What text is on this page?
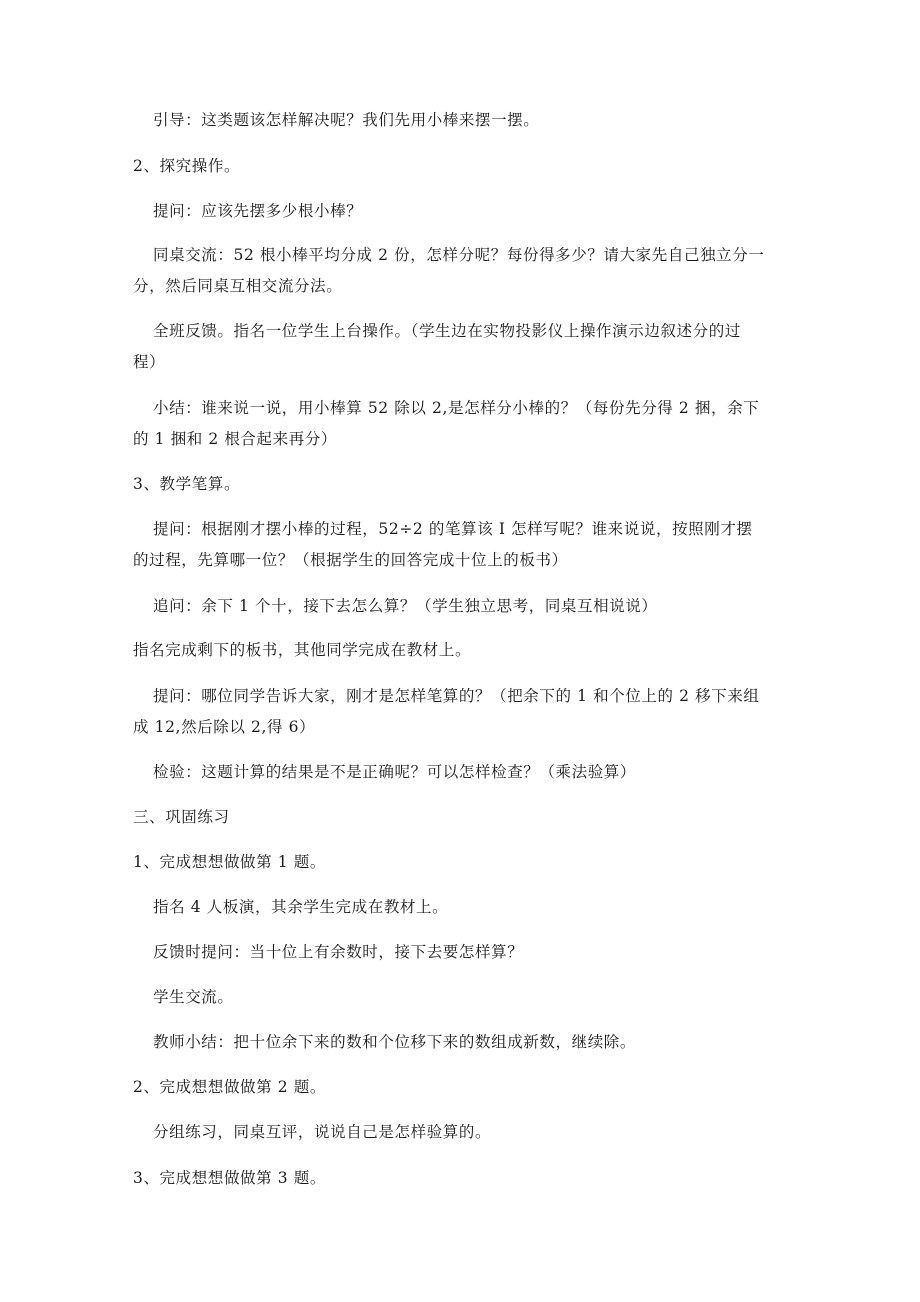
引导：这类题该怎样解决呢？我们先用小棒来摆一摆。
2、探究操作。
提问：应该先摆多少根小棒？
同桌交流：52 根小棒平均分成 2 份，怎样分呢？每份得多少？请大家先自己独立分一
分，然后同桌互相交流分法。
全班反馈。指名一位学生上台操作。（学生边在实物投影仪上操作演示边叙述分的过
程）
小结：谁来说一说，用小棒算 52 除以 2,是怎样分小棒的？（每份先分得 2 捆，余下
的 1 捆和 2 根合起来再分）
3、教学笔算。
提问：根据刚才摆小棒的过程，52÷2 的笔算该 I 怎样写呢？谁来说说，按照刚才摆
的过程，先算哪一位？（根据学生的回答完成十位上的板书）
追问：余下 1 个十，接下去怎么算？（学生独立思考，同桌互相说说）
指名完成剩下的板书，其他同学完成在教材上。
提问：哪位同学告诉大家，刚才是怎样笔算的？（把余下的 1 和个位上的 2 移下来组
成 12,然后除以 2,得 6）
检验：这题计算的结果是不是正确呢？可以怎样检查？（乘法验算）
三、巩固练习
1、完成想想做做第 1 题。
指名 4 人板演，其余学生完成在教材上。
反馈时提问：当十位上有余数时，接下去要怎样算？
学生交流。
教师小结：把十位余下来的数和个位移下来的数组成新数，继续除。
2、完成想想做做第 2 题。
分组练习，同桌互评，说说自己是怎样验算的。
3、完成想想做做第 3 题。
